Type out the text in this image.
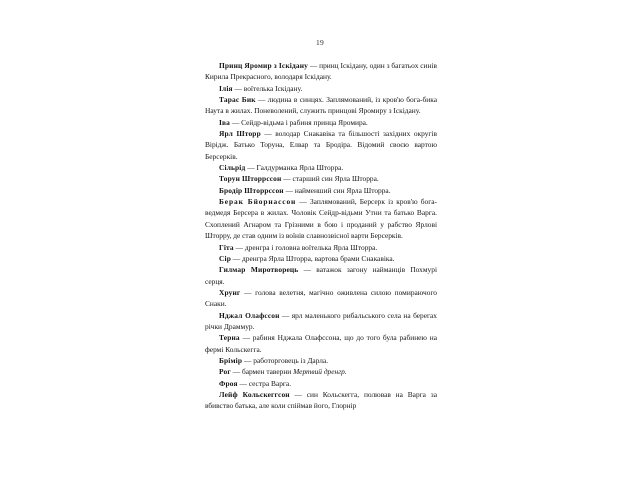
19

Принц Яромир з Іскідану — принц Іскідану, один з багатьох синів Кирила Прекрасного, володаря Іскідану.

Ілія — воїтелька Іскідану.

Тарас Бик — людина в синцях. Заплямований, із кров'ю бога-бика Наута в жилах. Поневолений, служить принцові Яромиру з Іскідану.

Іва — Сейдр-відьма і рабиня принца Яромира.

Ярл Шторр — володар Снакавіка та більшості західних округів Вірідж. Батько Торуна, Елвар та Бродіра. Відомий своєю вартою Берсерків.

Сільрід — Галдурманка Ярла Шторра.

Торун Шторрссон — старший син Ярла Шторра.

Бродір Шторрссон — найменший син Ярла Шторра.

Берак Бйорнассон — Заплямований, Берсерк із кров'ю бога-ведмедя Берсера в жилах. Чоловік Сейдр-відьми Утни та батько Варга. Схоплений Агнаром та Грізними в бою і проданий у рабство Ярлові Шторру, де став одним із воїнів славнозвісної варти Берсерків.

Гіта — дренгра і головна воїтелька Ярла Шторра.

Сір — дренгра Ярла Шторра, вартова брами Снакавіка.

Гилмар Миротворець — ватажок загону найманців Похмурі серця.

Хрунг — голова велетня, магічно оживлена силою помираючого Снаки.

Нджал Олафссон — ярл маленького рибальського села на берегах річки Драммур.

Терна — рабиня Нджала Олафссона, що до того була рабинею на фермі Кольскегга.

Брімір — работорговець із Дарла.

Рог — бармен таверни Мертвий дренгр.

Фроя — сестра Варга.

Лейф Кольскеггсон — син Кольскегга, полював на Варга за вбивство батька, але коли спіймав його, Глорнір
